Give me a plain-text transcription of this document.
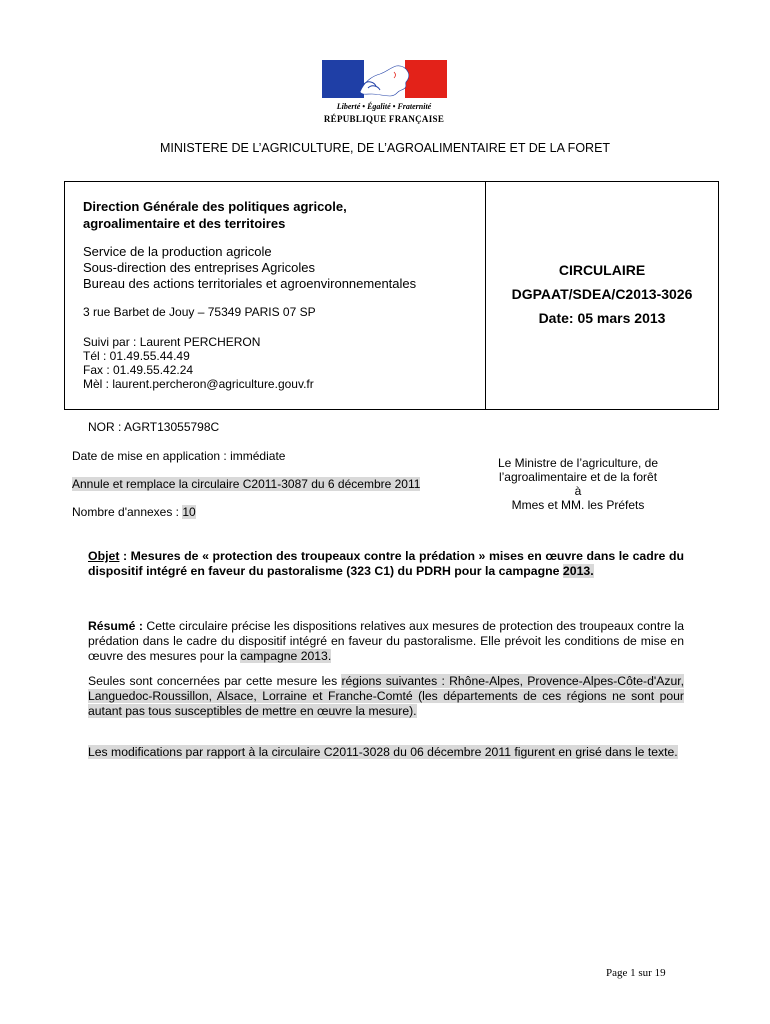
Liberté • Égalité • Fraternité
RÉPUBLIQUE FRANÇAISE
MINISTERE DE L’AGRICULTURE, DE L’AGROALIMENTAIRE ET DE LA FORET
Direction Générale des politiques agricole,
agroalimentaire et des territoires
Service de la production agricole
Sous-direction des entreprises Agricoles
Bureau des actions territoriales et agroenvironnementales
3 rue Barbet de Jouy – 75349 PARIS 07 SP
Suivi par : Laurent PERCHERON
Tél : 01.49.55.44.49
Fax : 01.49.55.42.24
Mèl : laurent.percheron@agriculture.gouv.fr
CIRCULAIRE
DGPAAT/SDEA/C2013-3026
Date: 05 mars 2013
NOR : AGRT13055798C
Date de mise en application : immédiate
Annule et remplace la circulaire C2011-3087 du 6 décembre 2011
Nombre d'annexes : 10
Le Ministre de l’agriculture, de
l’agroalimentaire et de la forêt
à
Mmes et MM. les Préfets
Objet : Mesures de « protection des troupeaux contre la prédation » mises en œuvre dans le cadre du dispositif intégré en faveur du pastoralisme (323 C1) du PDRH pour la campagne 2013.
Résumé : Cette circulaire précise les dispositions relatives aux mesures de protection des troupeaux contre la prédation dans le cadre du dispositif intégré en faveur du pastoralisme. Elle prévoit les conditions de mise en œuvre des mesures pour la campagne 2013.
Seules sont concernées par cette mesure les régions suivantes : Rhône-Alpes, Provence-Alpes-Côte-d'Azur, Languedoc-Roussillon, Alsace, Lorraine et Franche-Comté (les départements de ces régions ne sont pour autant pas tous susceptibles de mettre en œuvre la mesure).
Les modifications par rapport à la circulaire C2011-3028 du 06 décembre 2011 figurent en grisé dans le texte.
Page 1 sur 19
